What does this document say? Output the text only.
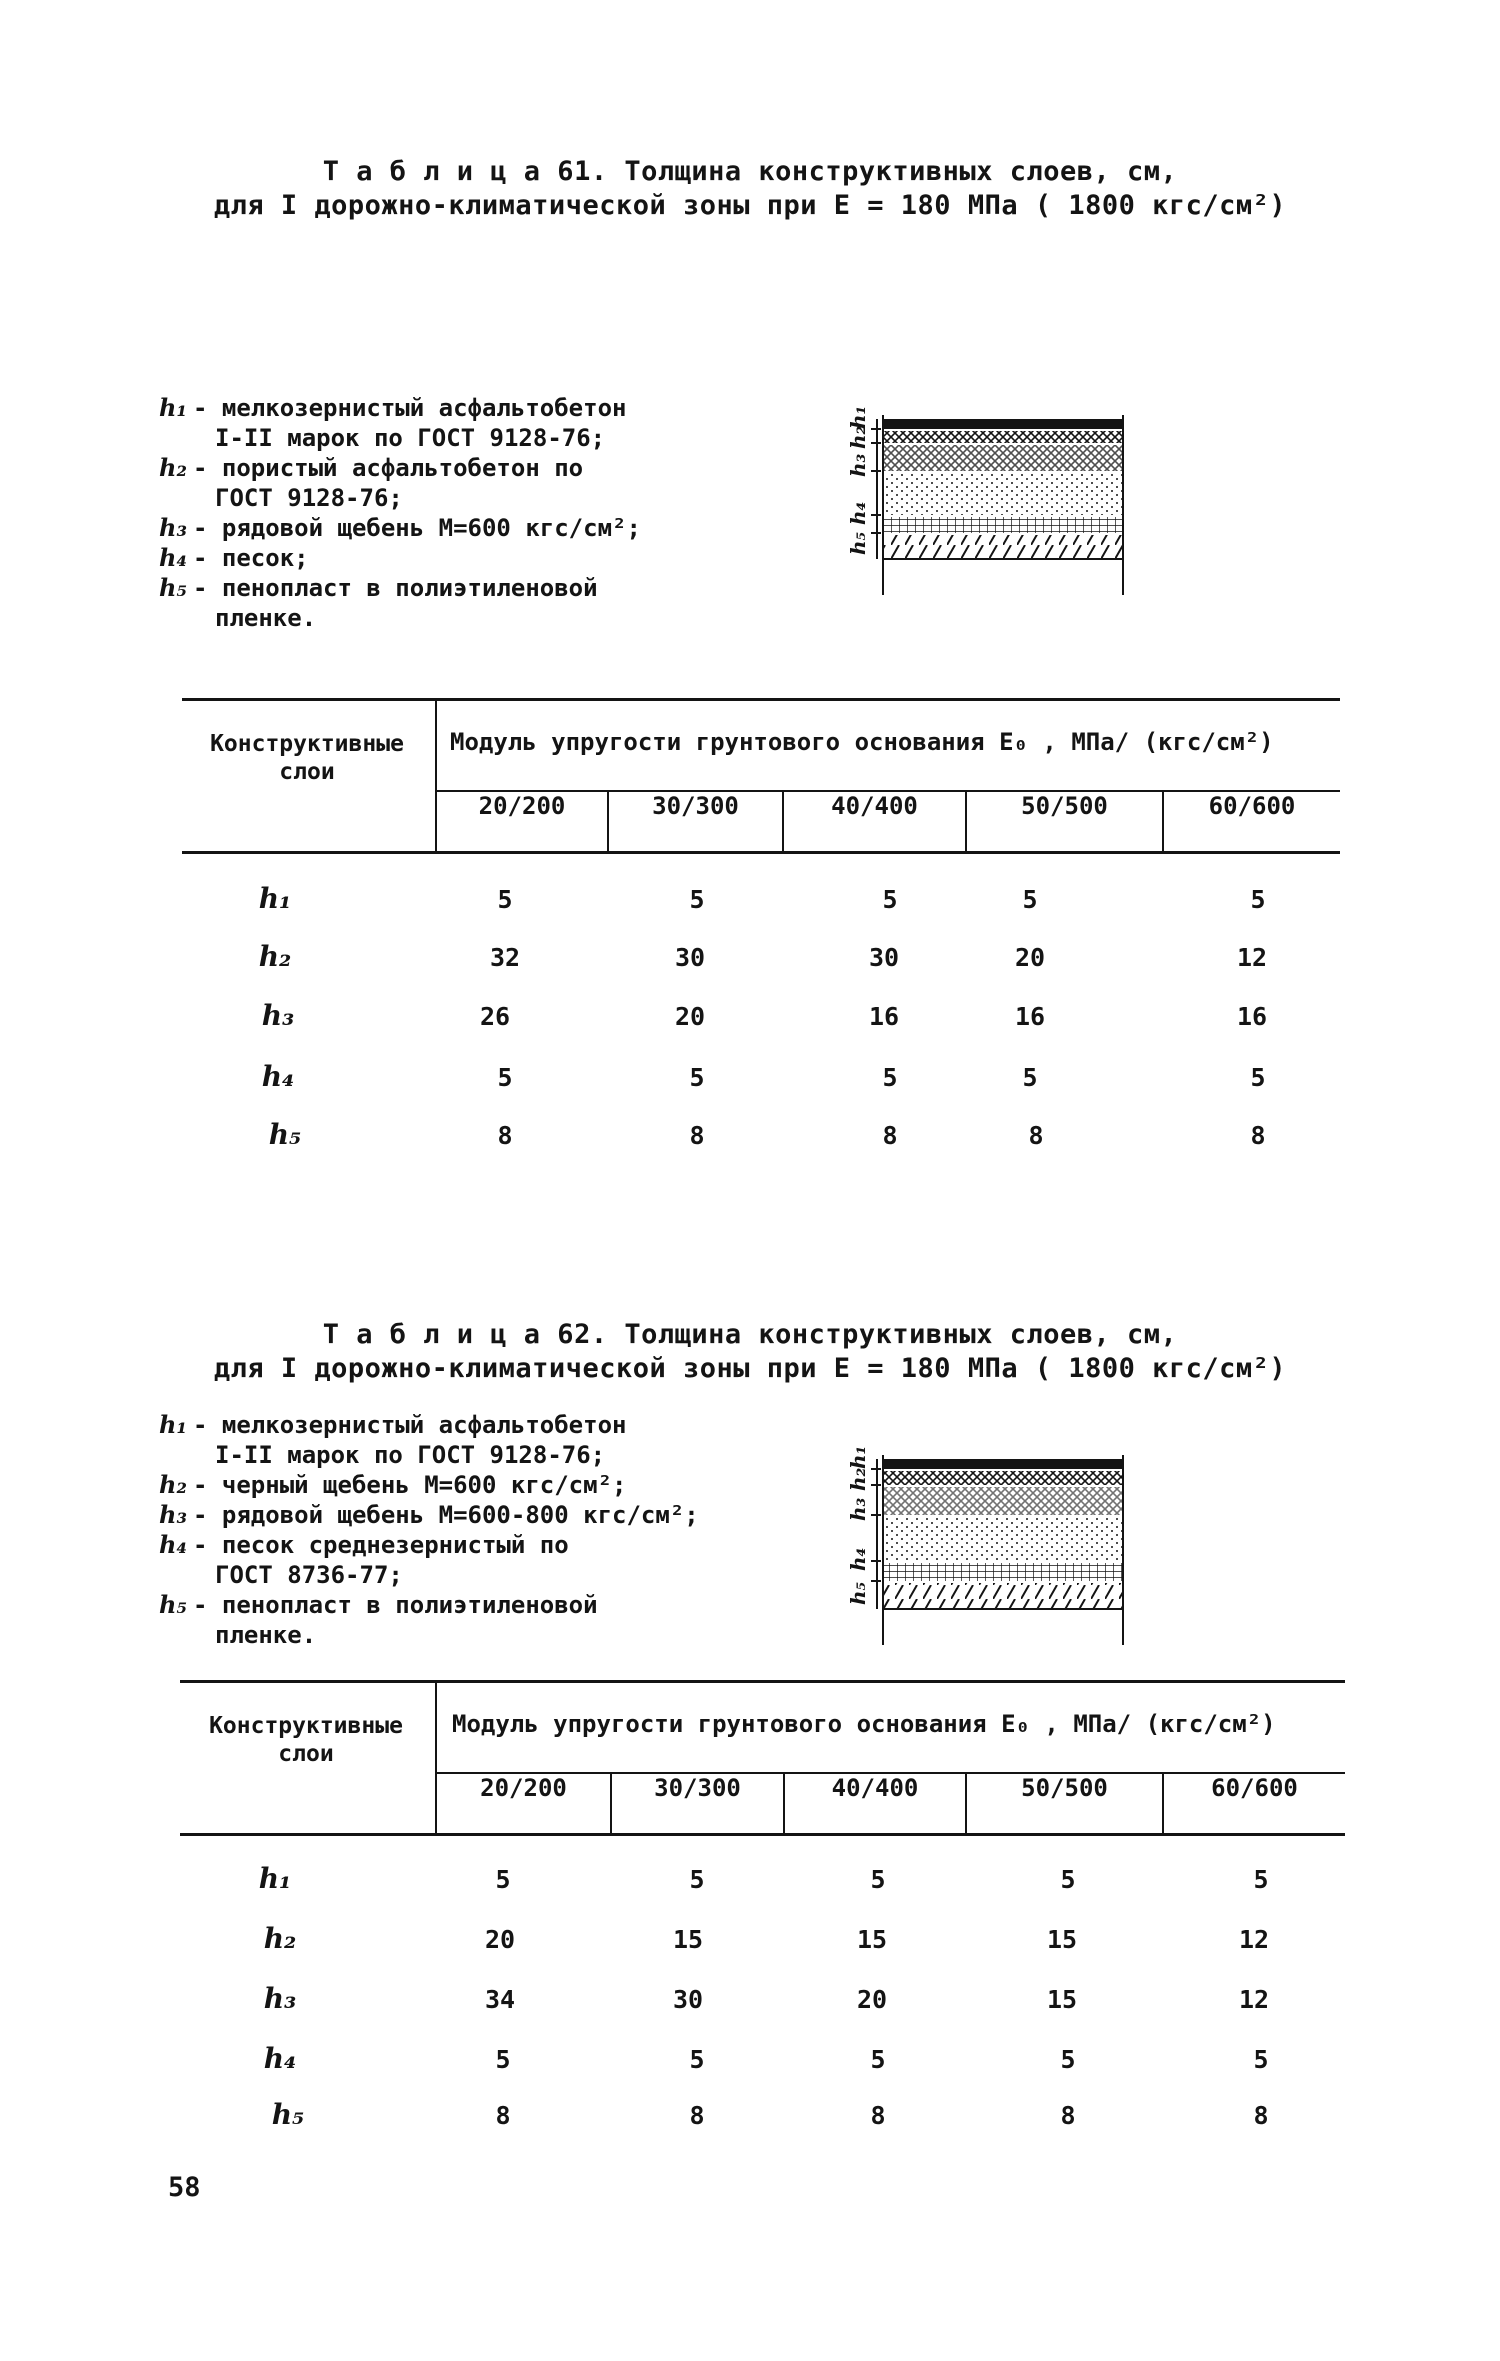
Т а б л и ц а 61. Толщина конструктивных слоев, см,
для I дорожно-климатической зоны при E = 180 МПа ( 1800 кгс/см²)
h₁ - мелкозернистый асфальтобетон
I-II марок по ГОСТ 9128-76;
h₂ - пористый асфальтобетон по
ГОСТ 9128-76;
h₃ - рядовой щебень М=600 кгс/см²;
h₄ - песок;
h₅ - пенопласт в полиэтиленовой
пленке.
h₁
h₂
h₃
h₄
h₅
Конструктивные слои
Модуль упругости грунтового основания E₀ , МПа/ (кгс/см²)
20/200	30/300	40/400	50/500	60/600
h₁	5	5	5	5	5
h₂	32	30	30	20	12
h₃	26	20	16	16	16
h₄	5	5	5	5	5
h₅	8	8	8	8	8
Т а б л и ц а 62. Толщина конструктивных слоев, см,
для I дорожно-климатической зоны при E = 180 МПа ( 1800 кгс/см²)
h₁ - мелкозернистый асфальтобетон
I-II марок по ГОСТ 9128-76;
h₂ - черный щебень М=600 кгс/см²;
h₃ - рядовой щебень М=600-800 кгс/см²;
h₄ - песок среднезернистый по
ГОСТ 8736-77;
h₅ - пенопласт в полиэтиленовой
пленке.
h₁
h₂
h₃
h₄
h₅
Конструктивные слои
Модуль упругости грунтового основания E₀ , МПа/ (кгс/см²)
20/200	30/300	40/400	50/500	60/600
h₁	5	5	5	5	5
h₂	20	15	15	15	12
h₃	34	30	20	15	12
h₄	5	5	5	5	5
h₅	8	8	8	8	8
58
